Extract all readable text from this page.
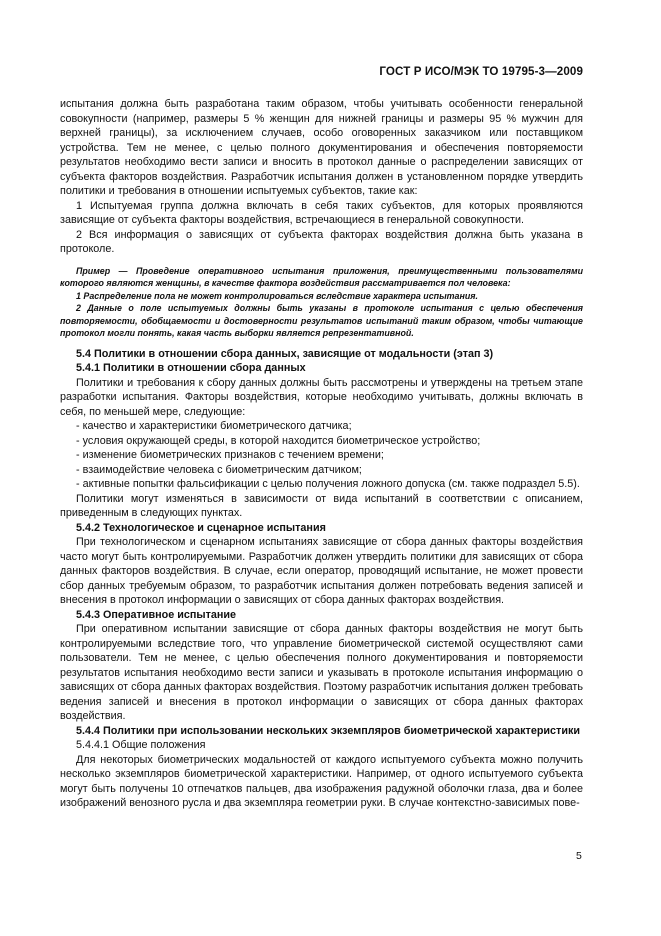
ГОСТ Р ИСО/МЭК ТО 19795-3—2009

испытания должна быть разработана таким образом, чтобы учитывать особенности генеральной совокупности (например, размеры 5 % женщин для нижней границы и размеры 95 % мужчин для верхней границы), за исключением случаев, особо оговоренных заказчиком или поставщиком устройства. Тем не менее, с целью полного документирования и обеспечения повторяемости результатов необходимо вести записи и вносить в протокол данные о распределении зависящих от субъекта факторов воздействия. Разработчик испытания должен в установленном порядке утвердить политики и требования в отношении испытуемых субъектов, такие как:

1 Испытуемая группа должна включать в себя таких субъектов, для которых проявляются зависящие от субъекта факторы воздействия, встречающиеся в генеральной совокупности.

2 Вся информация о зависящих от субъекта факторах воздействия должна быть указана в протоколе.

Пример — Проведение оперативного испытания приложения, преимущественными пользователями которого являются женщины, в качестве фактора воздействия рассматривается пол человека:

1 Распределение пола не может контролироваться вследствие характера испытания.

2 Данные о поле испытуемых должны быть указаны в протоколе испытания с целью обеспечения повторяемости, обобщаемости и достоверности результатов испытаний таким образом, чтобы читающие протокол могли понять, какая часть выборки является репрезентативной.

5.4 Политики в отношении сбора данных, зависящие от модальности (этап 3)

5.4.1 Политики в отношении сбора данных

Политики и требования к сбору данных должны быть рассмотрены и утверждены на третьем этапе разработки испытания. Факторы воздействия, которые необходимо учитывать, должны включать в себя, по меньшей мере, следующие:

- качество и характеристики биометрического датчика;

- условия окружающей среды, в которой находится биометрическое устройство;

- изменение биометрических признаков с течением времени;

- взаимодействие человека с биометрическим датчиком;

- активные попытки фальсификации с целью получения ложного допуска (см. также подраздел 5.5).

Политики могут изменяться в зависимости от вида испытаний в соответствии с описанием, приведенным в следующих пунктах.

5.4.2 Технологическое и сценарное испытания

При технологическом и сценарном испытаниях зависящие от сбора данных факторы воздействия часто могут быть контролируемыми. Разработчик должен утвердить политики для зависящих от сбора данных факторов воздействия. В случае, если оператор, проводящий испытание, не может провести сбор данных требуемым образом, то разработчик испытания должен потребовать ведения записей и внесения в протокол информации о зависящих от сбора данных факторах воздействия.

5.4.3 Оперативное испытание

При оперативном испытании зависящие от сбора данных факторы воздействия не могут быть контролируемыми вследствие того, что управление биометрической системой осуществляют сами пользователи. Тем не менее, с целью обеспечения полного документирования и повторяемости результатов испытания необходимо вести записи и указывать в протоколе испытания информацию о зависящих от сбора данных факторах воздействия. Поэтому разработчик испытания должен требовать ведения записей и внесения в протокол информации о зависящих от сбора данных факторах воздействия.

5.4.4 Политики при использовании нескольких экземпляров биометрической характеристики

5.4.4.1 Общие положения

Для некоторых биометрических модальностей от каждого испытуемого субъекта можно получить несколько экземпляров биометрической характеристики. Например, от одного испытуемого субъекта могут быть получены 10 отпечатков пальцев, два изображения радужной оболочки глаза, два и более изображений венозного русла и два экземпляра геометрии руки. В случае контекстно-зависимых пове-

5
